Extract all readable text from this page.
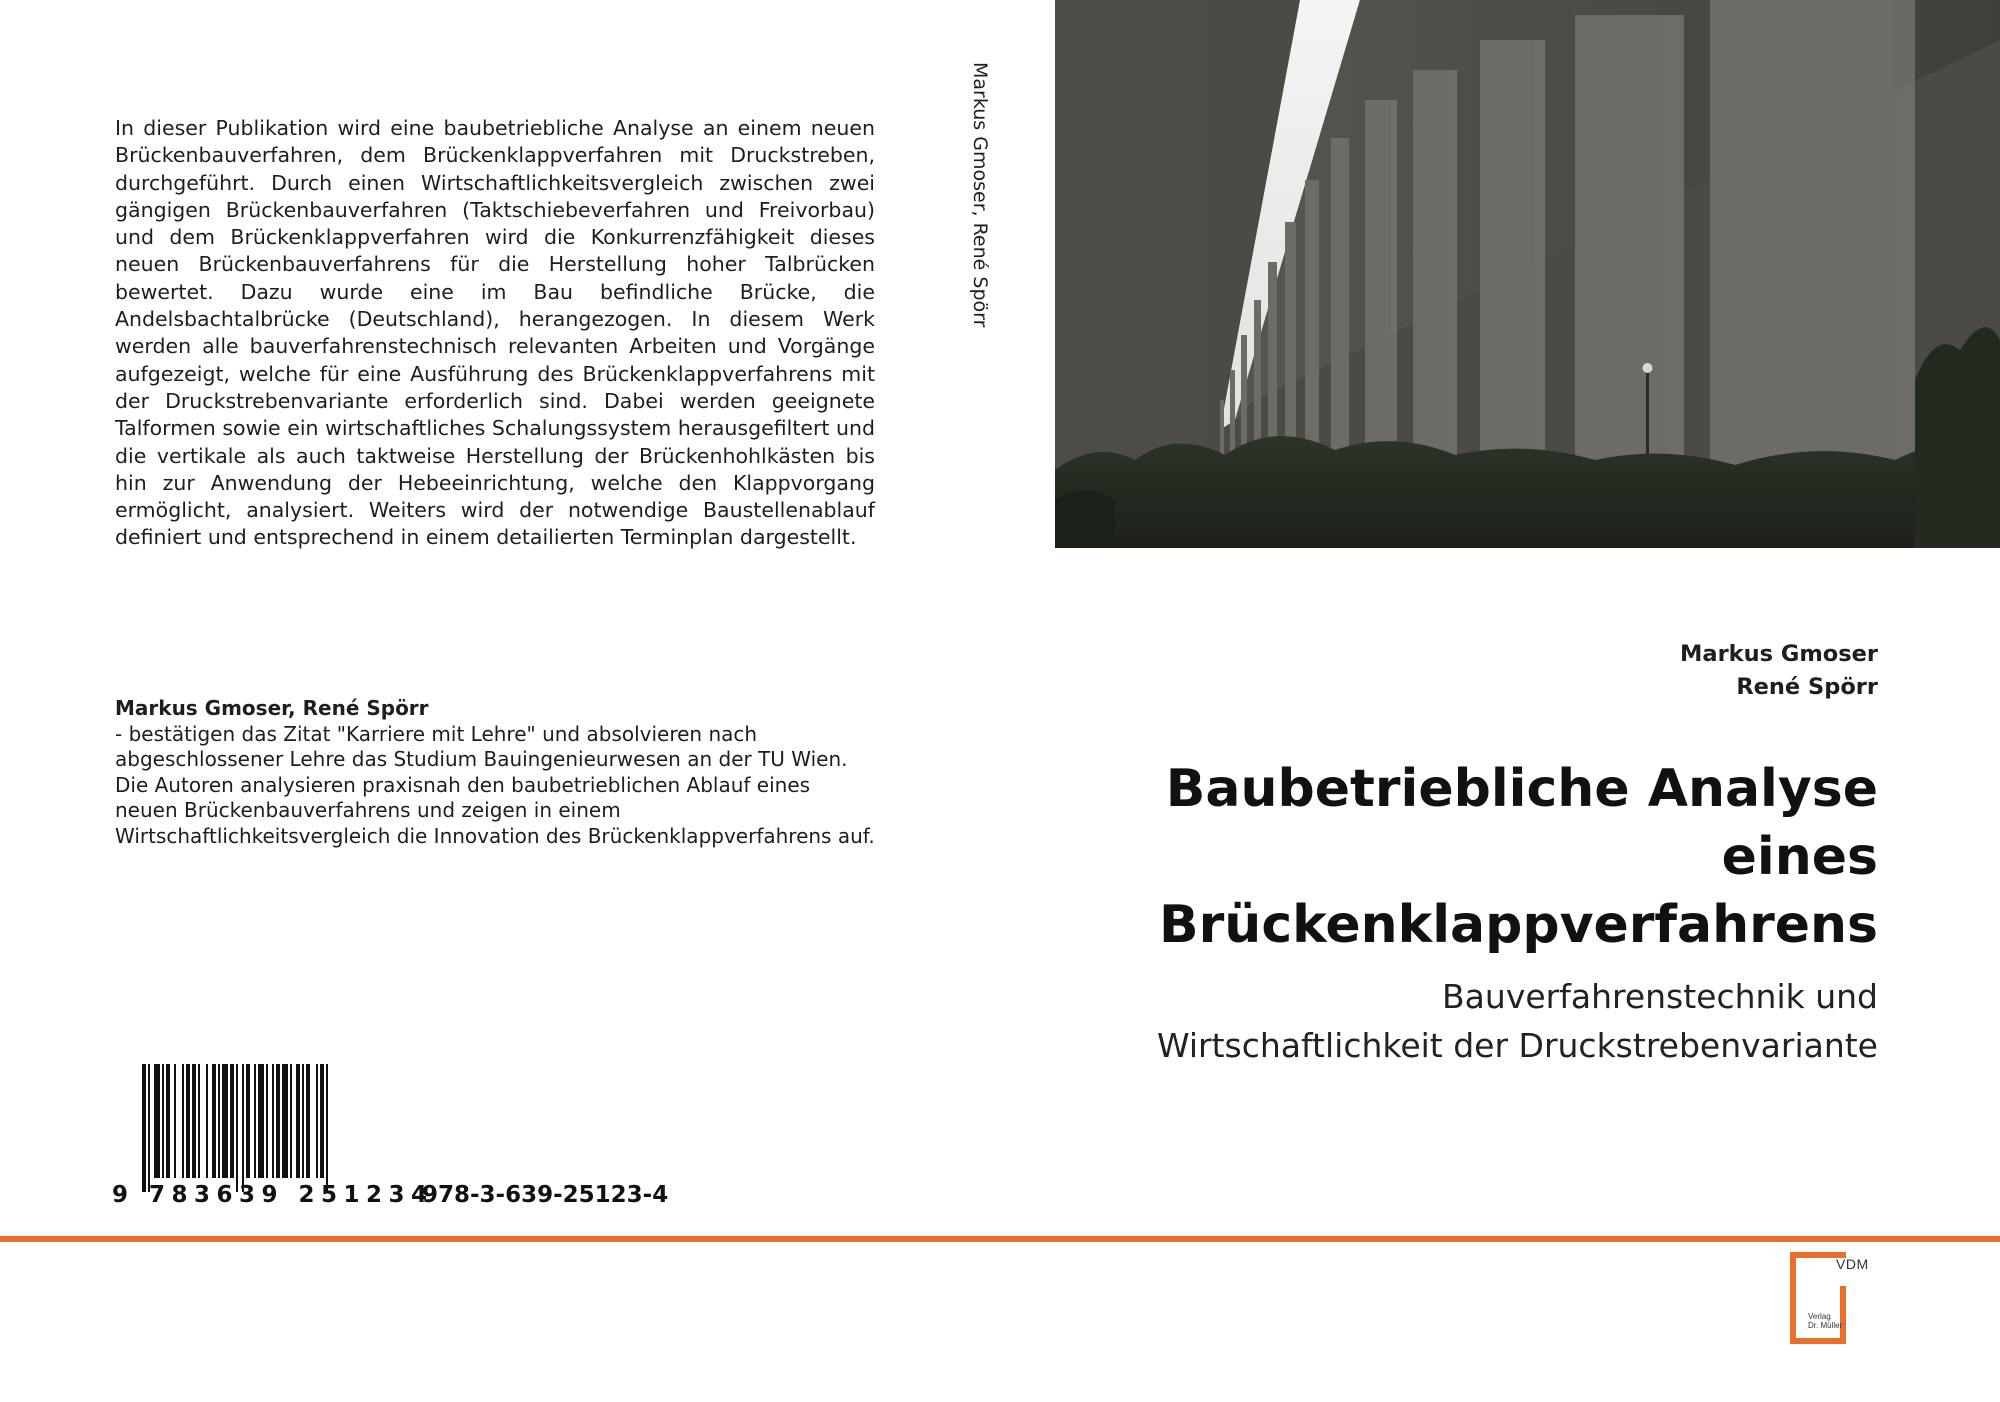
In dieser Publikation wird eine baubetriebliche Analyse an einem neuen Brückenbauverfahren, dem Brückenklappverfahren mit Druckstreben, durchgeführt. Durch einen Wirtschaftlichkeitsvergleich zwischen zwei gängigen Brückenbauverfahren (Taktschiebeverfahren und Freivorbau) und dem Brückenklappverfahren wird die Konkurrenzfähigkeit dieses neuen Brückenbauverfahrens für die Herstellung hoher Talbrücken bewertet. Dazu wurde eine im Bau befindliche Brücke, die Andelsbachtalbrücke (Deutschland), herangezogen. In diesem Werk werden alle bauverfahrenstechnisch relevanten Arbeiten und Vorgänge aufgezeigt, welche für eine Ausführung des Brückenklappverfahrens mit der Druckstrebenvariante erforderlich sind. Dabei werden geeignete Talformen sowie ein wirtschaftliches Schalungssystem herausgefiltert und die vertikale als auch taktweise Herstellung der Brückenhohlkästen bis hin zur Anwendung der Hebeeinrichtung, welche den Klappvorgang ermöglicht, analysiert. Weiters wird der notwendige Baustellenablauf definiert und entsprechend in einem detailierten Terminplan dargestellt.
Markus Gmoser, René Spörr
- bestätigen das Zitat "Karriere mit Lehre" und absolvieren nach abgeschlossener Lehre das Studium Bauingenieurwesen an der TU Wien. Die Autoren analysieren praxisnah den baubetrieblichen Ablauf eines neuen Brückenbauverfahrens und zeigen in einem Wirtschaftlichkeitsvergleich die Innovation des Brückenklappverfahrens auf.
9 783639 251234
978-3-639-25123-4
Markus Gmoser, René Spörr
Markus Gmoser
René Spörr
Baubetriebliche Analyse
eines
Brückenklappverfahrens
Bauverfahrenstechnik und
Wirtschaftlichkeit der Druckstrebenvariante
VDM
Verlag
Dr. Müller
